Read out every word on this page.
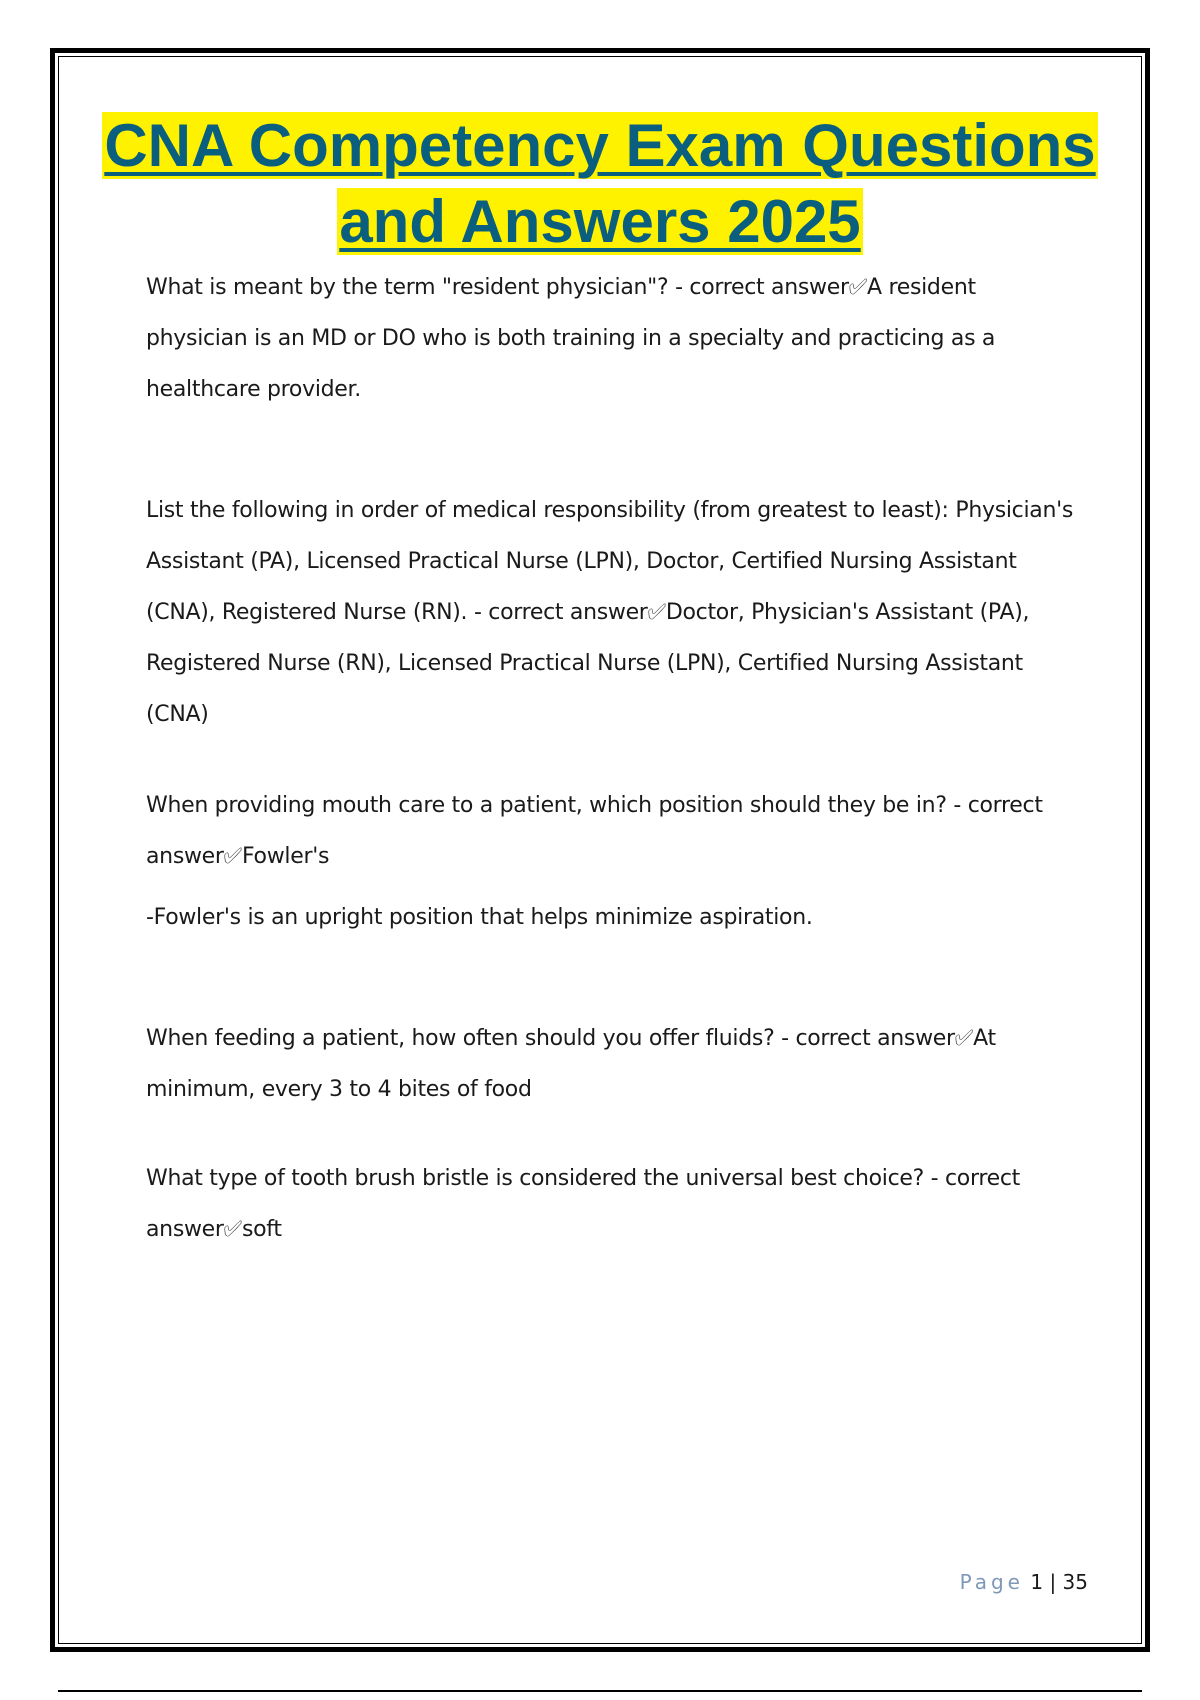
CNA Competency Exam Questions and Answers 2025

What is meant by the term "resident physician"? - correct answer✅︎A resident physician is an MD or DO who is both training in a specialty and practicing as a healthcare provider.

List the following in order of medical responsibility (from greatest to least): Physician's Assistant (PA), Licensed Practical Nurse (LPN), Doctor, Certified Nursing Assistant (CNA), Registered Nurse (RN). - correct answer✅︎Doctor, Physician's Assistant (PA), Registered Nurse (RN), Licensed Practical Nurse (LPN), Certified Nursing Assistant (CNA)

When providing mouth care to a patient, which position should they be in? - correct answer✅︎Fowler's

-Fowler's is an upright position that helps minimize aspiration.

When feeding a patient, how often should you offer fluids? - correct answer✅︎At minimum, every 3 to 4 bites of food

What type of tooth brush bristle is considered the universal best choice? - correct answer✅︎soft

Page 1 | 35
